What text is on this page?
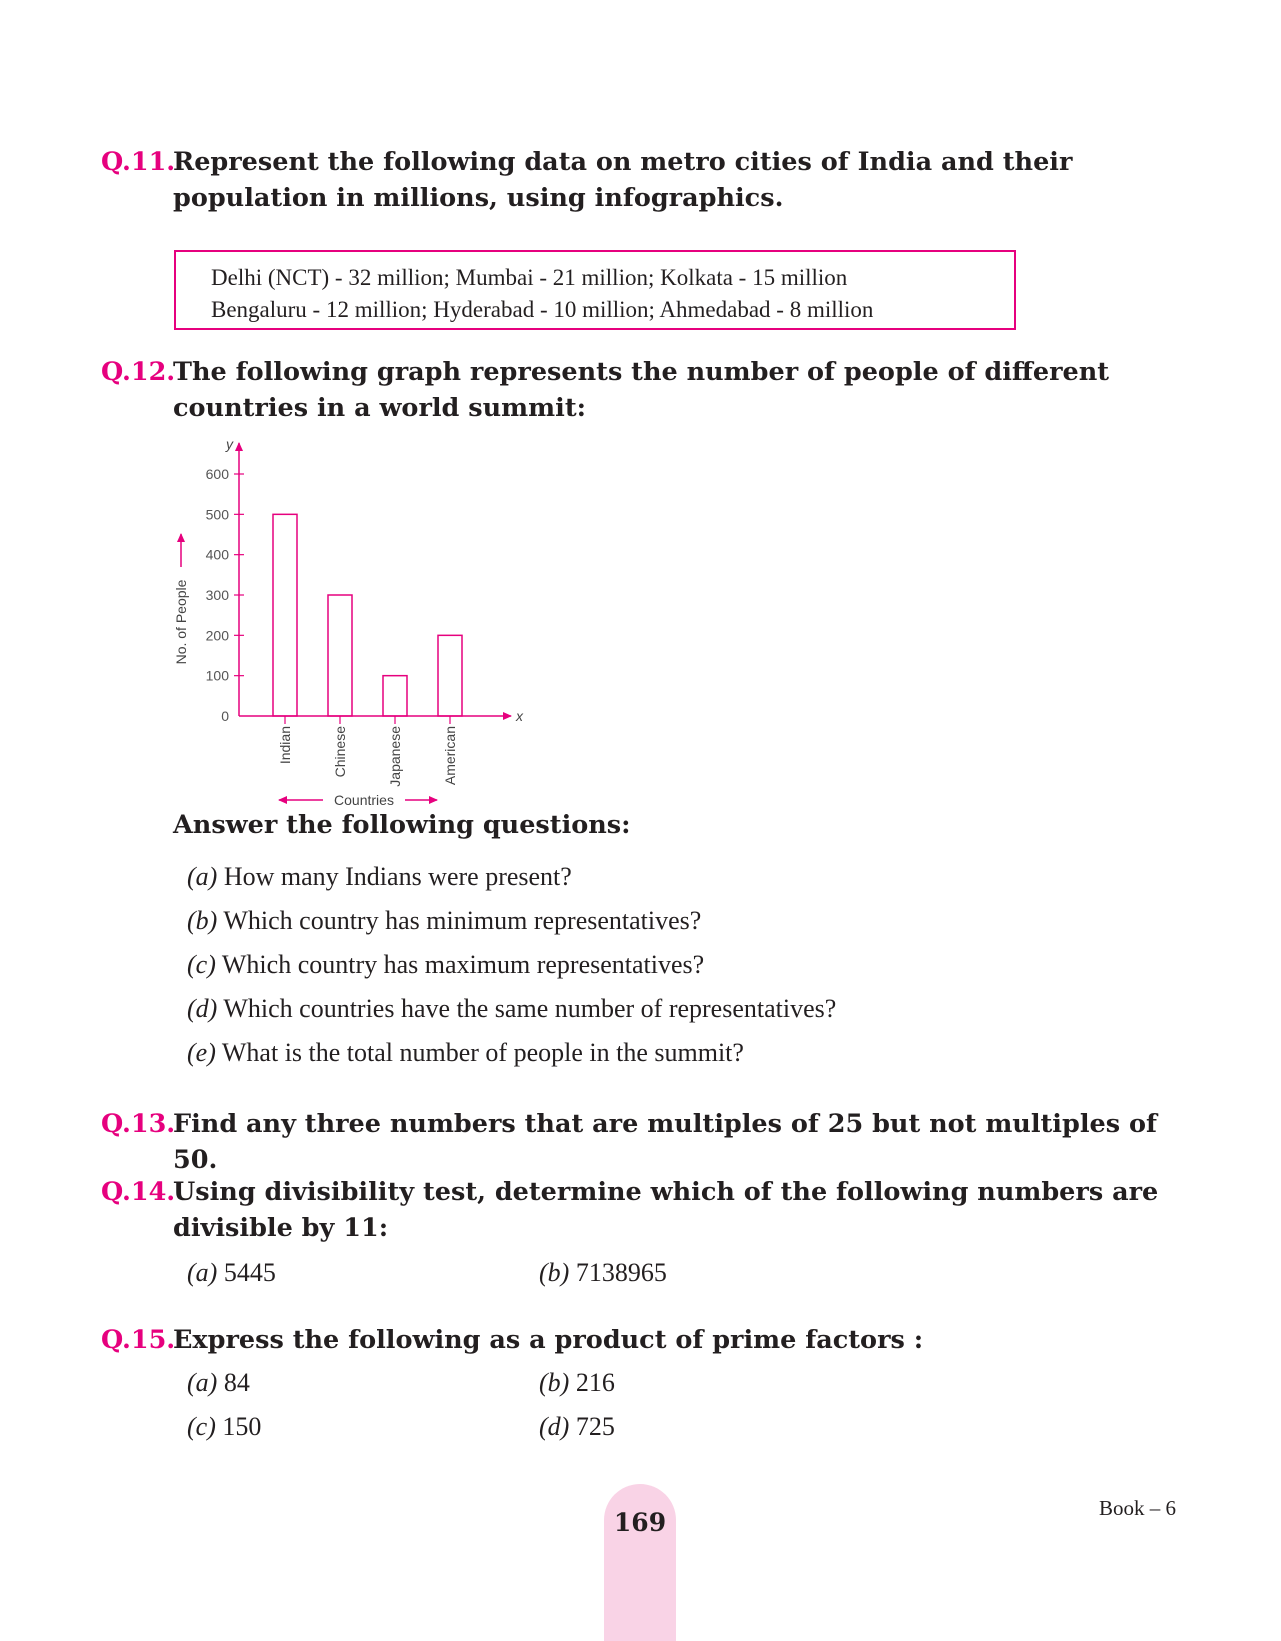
Q.11.
Represent the following data on metro cities of India and their population in millions, using infographics.
Delhi (NCT) - 32 million; Mumbai - 21 million; Kolkata - 15 million
Bengaluru - 12 million; Hyderabad - 10 million; Ahmedabad - 8 million
Q.12.
The following graph represents the number of people of different countries in a world summit:
0
100
200
300
400
500
600
y
x
No. of People
Indian	Chinese	Japanese	American
Countries
Answer the following questions:
(a) How many Indians were present?
(b) Which country has minimum representatives?
(c) Which country has maximum representatives?
(d) Which countries have the same number of representatives?
(e) What is the total number of people in the summit?
Q.13.
Find any three numbers that are multiples of 25 but not multiples of 50.
Q.14.
Using divisibility test, determine which of the following numbers are divisible by 11:
(a) 5445	(b) 7138965
Q.15.
Express the following as a product of prime factors :
(a) 84	(b) 216
(c) 150	(d) 725
169	Book – 6
